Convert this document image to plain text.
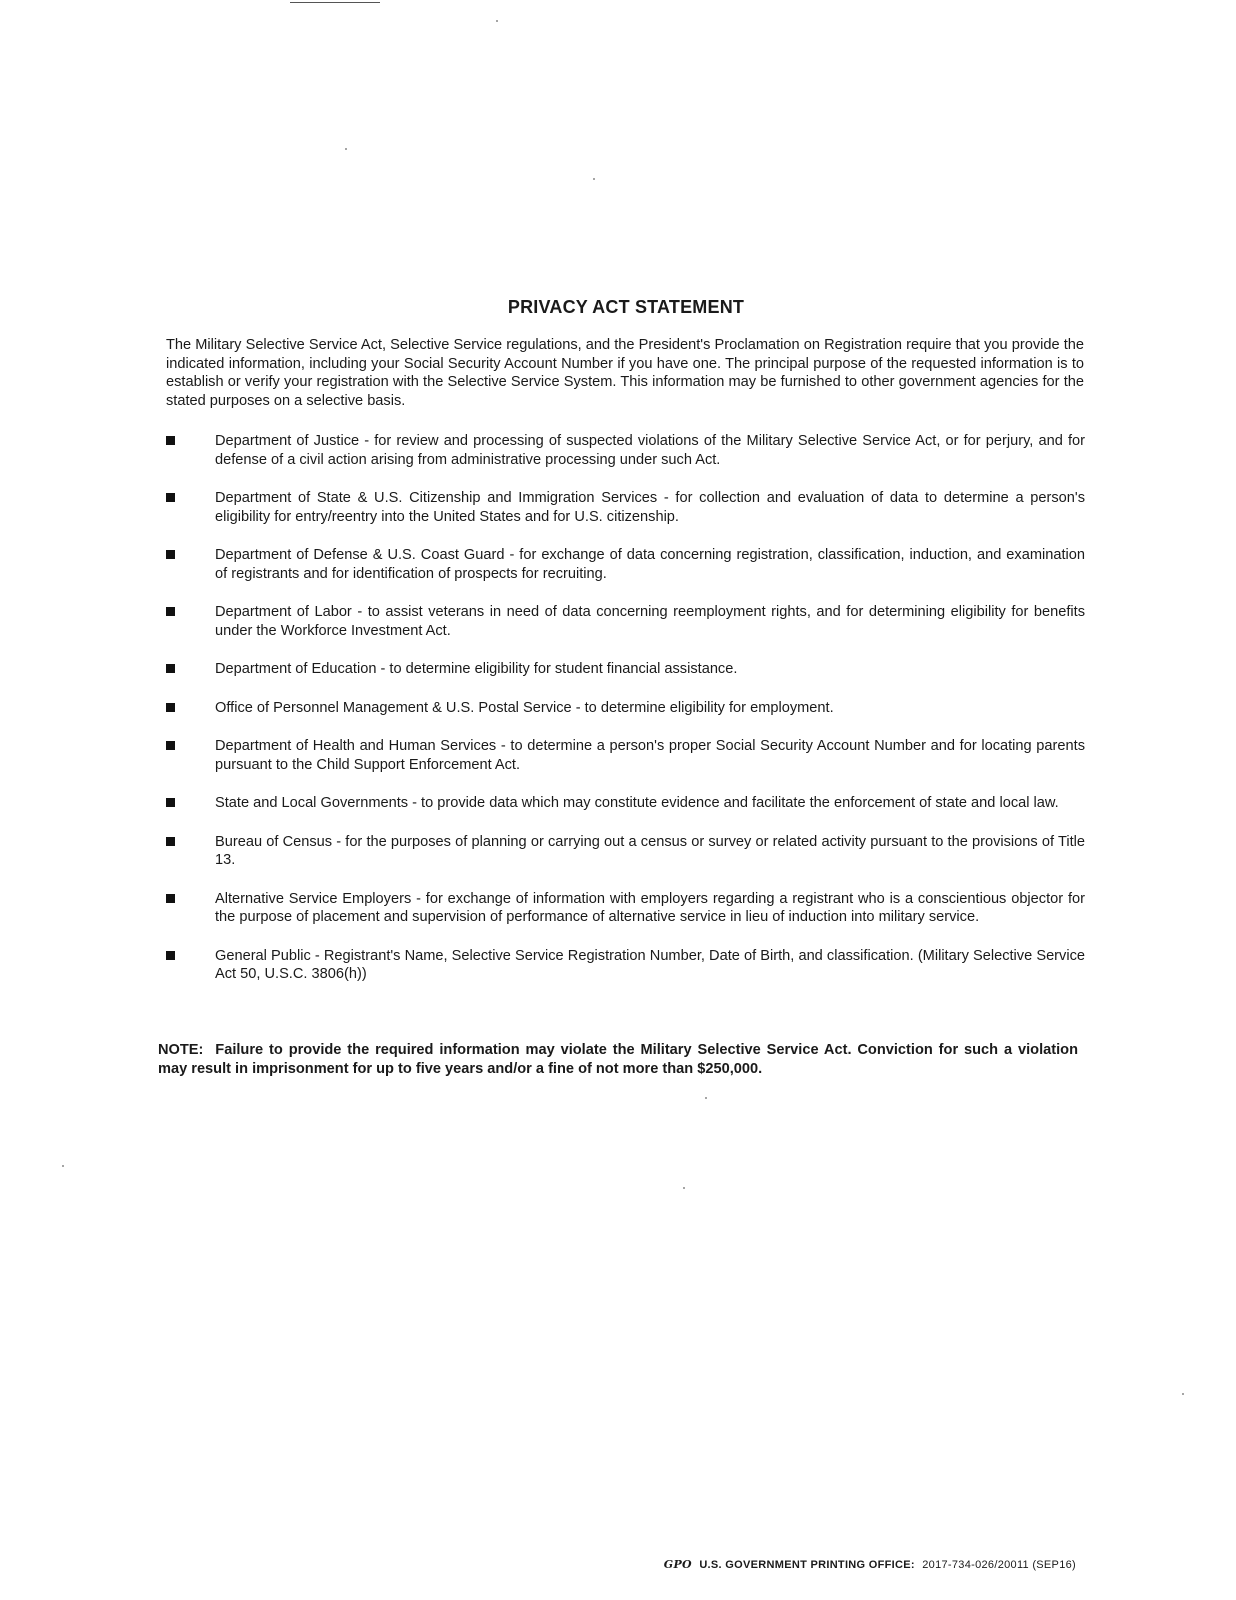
PRIVACY ACT STATEMENT
The Military Selective Service Act, Selective Service regulations, and the President's Proclamation on Registration require that you provide the indicated information, including your Social Security Account Number if you have one. The principal purpose of the requested information is to establish or verify your registration with the Selective Service System. This information may be furnished to other government agencies for the stated purposes on a selective basis.
Department of Justice - for review and processing of suspected violations of the Military Selective Service Act, or for perjury, and for defense of a civil action arising from administrative processing under such Act.
Department of State & U.S. Citizenship and Immigration Services - for collection and evaluation of data to determine a person's eligibility for entry/reentry into the United States and for U.S. citizenship.
Department of Defense & U.S. Coast Guard - for exchange of data concerning registration, classification, induction, and examination of registrants and for identification of prospects for recruiting.
Department of Labor - to assist veterans in need of data concerning reemployment rights, and for determining eligibility for benefits under the Workforce Investment Act.
Department of Education - to determine eligibility for student financial assistance.
Office of Personnel Management & U.S. Postal Service - to determine eligibility for employment.
Department of Health and Human Services - to determine a person's proper Social Security Account Number and for locating parents pursuant to the Child Support Enforcement Act.
State and Local Governments - to provide data which may constitute evidence and facilitate the enforcement of state and local law.
Bureau of Census - for the purposes of planning or carrying out a census or survey or related activity pursuant to the provisions of Title 13.
Alternative Service Employers - for exchange of information with employers regarding a registrant who is a conscientious objector for the purpose of placement and supervision of performance of alternative service in lieu of induction into military service.
General Public - Registrant's Name, Selective Service Registration Number, Date of Birth, and classification. (Military Selective Service Act 50, U.S.C. 3806(h))
NOTE: Failure to provide the required information may violate the Military Selective Service Act. Conviction for such a violation may result in imprisonment for up to five years and/or a fine of not more than $250,000.
GPO U.S. GOVERNMENT PRINTING OFFICE: 2017-734-026/20011 (SEP16)
